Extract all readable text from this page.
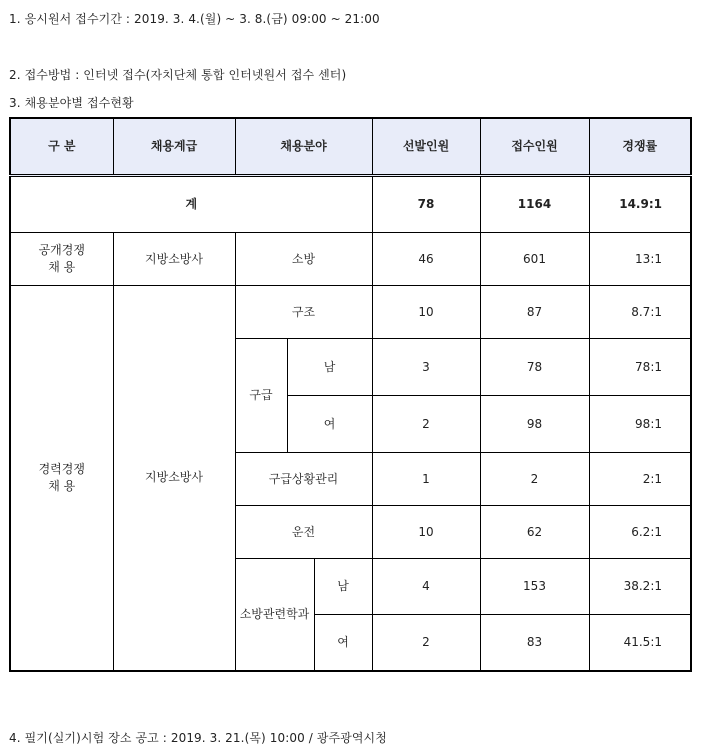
1. 응시원서 접수기간 : 2019. 3. 4.(월) ~ 3. 8.(금) 09:00 ~ 21:00
2. 접수방법 : 인터넷 접수(자치단체 통합 인터넷원서 접수 센터)
3. 채용분야별 접수현황
구 분	채용계급	채용분야			선발인원	접수인원	경쟁률
계					78	1164	14.9:1
공개경쟁
채 용	지방소방사	소방			46	601	13:1
경력경쟁
채 용	지방소방사	구조			10	87	8.7:1
		구급	남		3	78	78:1
			여		2	98	98:1
		구급상황관리			1	2	2:1
		운전			10	62	6.2:1
		소방관련학과		남	4	153	38.2:1
				여	2	83	41.5:1
4. 필기(실기)시험 장소 공고 : 2019. 3. 21.(목) 10:00 / 광주광역시청
